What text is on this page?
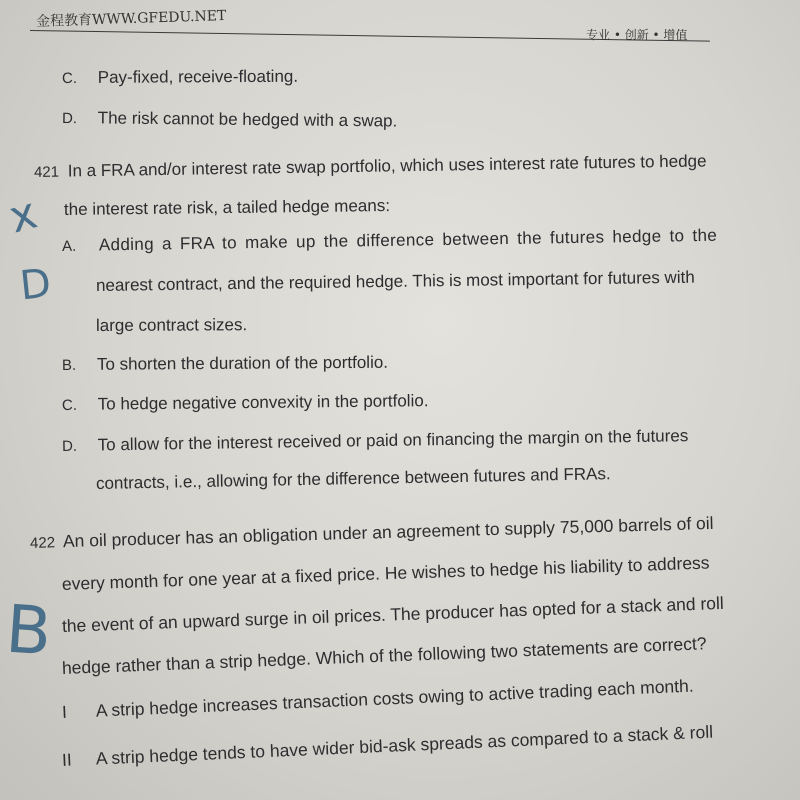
金程教育WWW.GFEDU.NET
专业 • 创新 • 增值
C. Pay-fixed, receive-floating.
D. The risk cannot be hedged with a swap.
421 In a FRA and/or interest rate swap portfolio, which uses interest rate futures to hedge
the interest rate risk, a tailed hedge means:
A. Adding a FRA to make up the difference between the futures hedge to the
nearest contract, and the required hedge. This is most important for futures with
large contract sizes.
B. To shorten the duration of the portfolio.
C. To hedge negative convexity in the portfolio.
D. To allow for the interest received or paid on financing the margin on the futures
contracts, i.e., allowing for the difference between futures and FRAs.
422 An oil producer has an obligation under an agreement to supply 75,000 barrels of oil
every month for one year at a fixed price. He wishes to hedge his liability to address
the event of an upward surge in oil prices. The producer has opted for a stack and roll
hedge rather than a strip hedge. Which of the following two statements are correct?
I A strip hedge increases transaction costs owing to active trading each month.
II A strip hedge tends to have wider bid-ask spreads as compared to a stack & roll
x
D
B
